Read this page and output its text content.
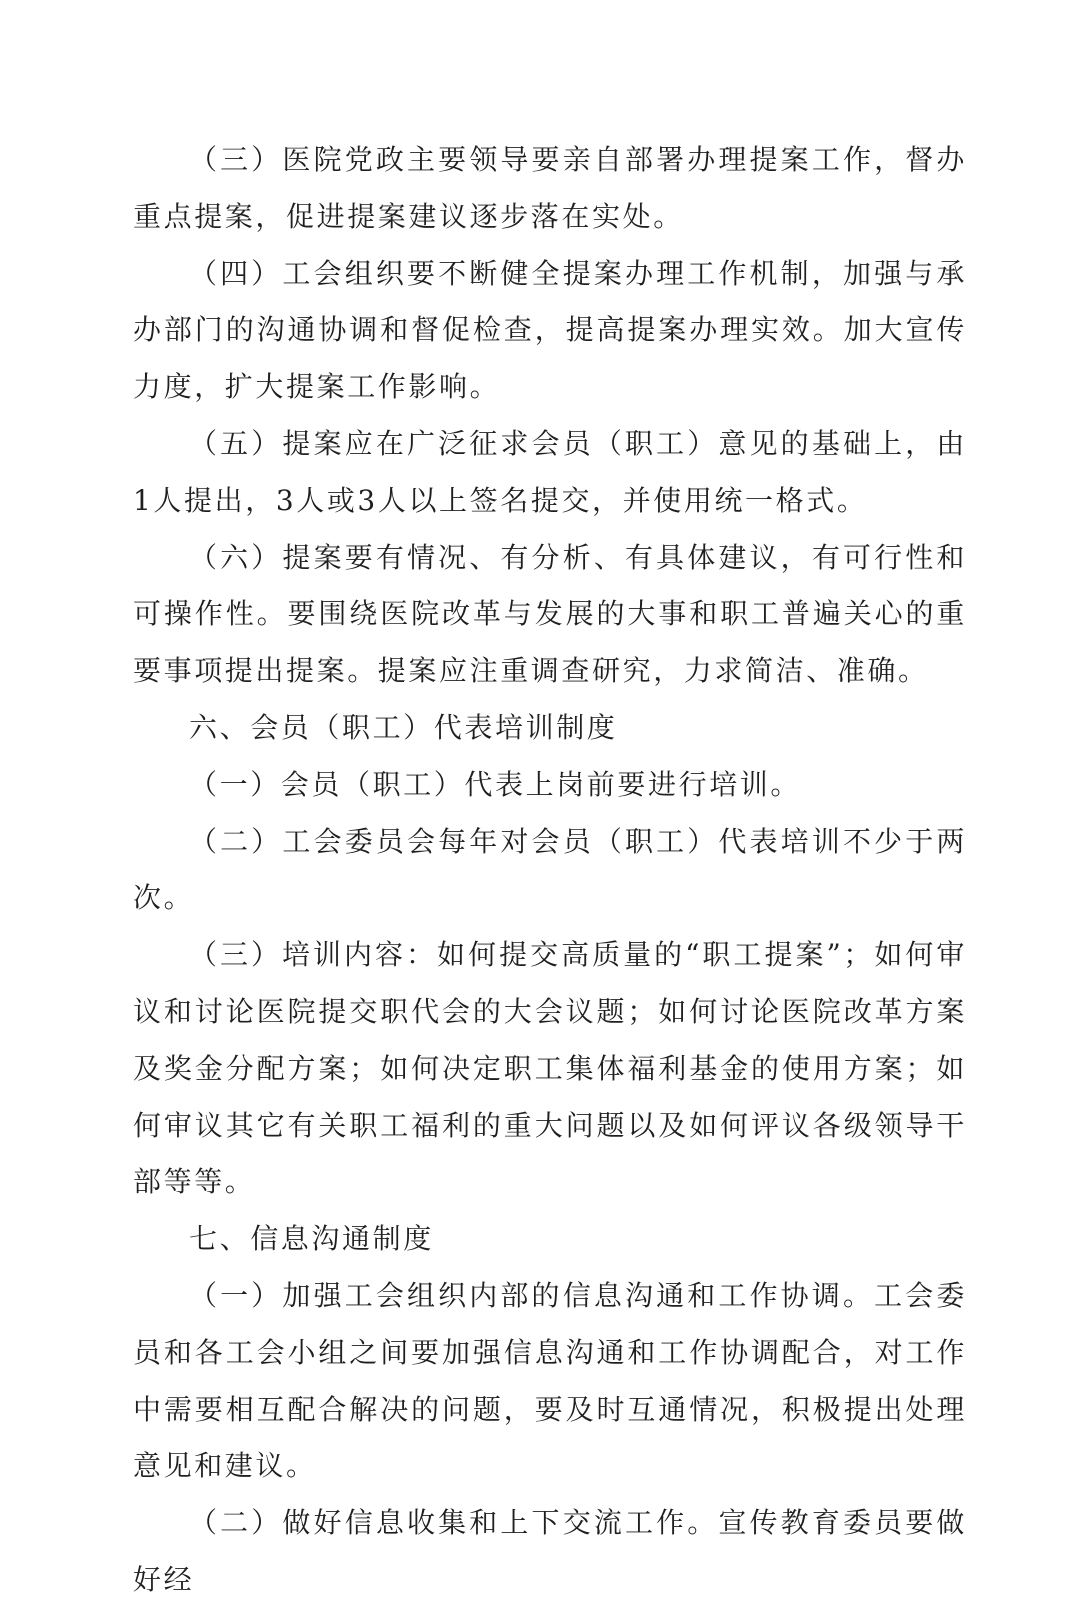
（三）医院党政主要领导要亲自部署办理提案工作，督办重点提案，促进提案建议逐步落在实处。

（四）工会组织要不断健全提案办理工作机制，加强与承办部门的沟通协调和督促检查，提高提案办理实效。加大宣传力度，扩大提案工作影响。

（五）提案应在广泛征求会员（职工）意见的基础上，由1人提出，3人或3人以上签名提交，并使用统一格式。

（六）提案要有情况、有分析、有具体建议，有可行性和可操作性。要围绕医院改革与发展的大事和职工普遍关心的重要事项提出提案。提案应注重调查研究，力求简洁、准确。

六、会员（职工）代表培训制度

（一）会员（职工）代表上岗前要进行培训。

（二）工会委员会每年对会员（职工）代表培训不少于两次。

（三）培训内容：如何提交高质量的“职工提案”；如何审议和讨论医院提交职代会的大会议题；如何讨论医院改革方案及奖金分配方案；如何决定职工集体福利基金的使用方案；如何审议其它有关职工福利的重大问题以及如何评议各级领导干部等等。

七、信息沟通制度

（一）加强工会组织内部的信息沟通和工作协调。工会委员和各工会小组之间要加强信息沟通和工作协调配合，对工作中需要相互配合解决的问题，要及时互通情况，积极提出处理意见和建议。

（二）做好信息收集和上下交流工作。宣传教育委员要做好经
